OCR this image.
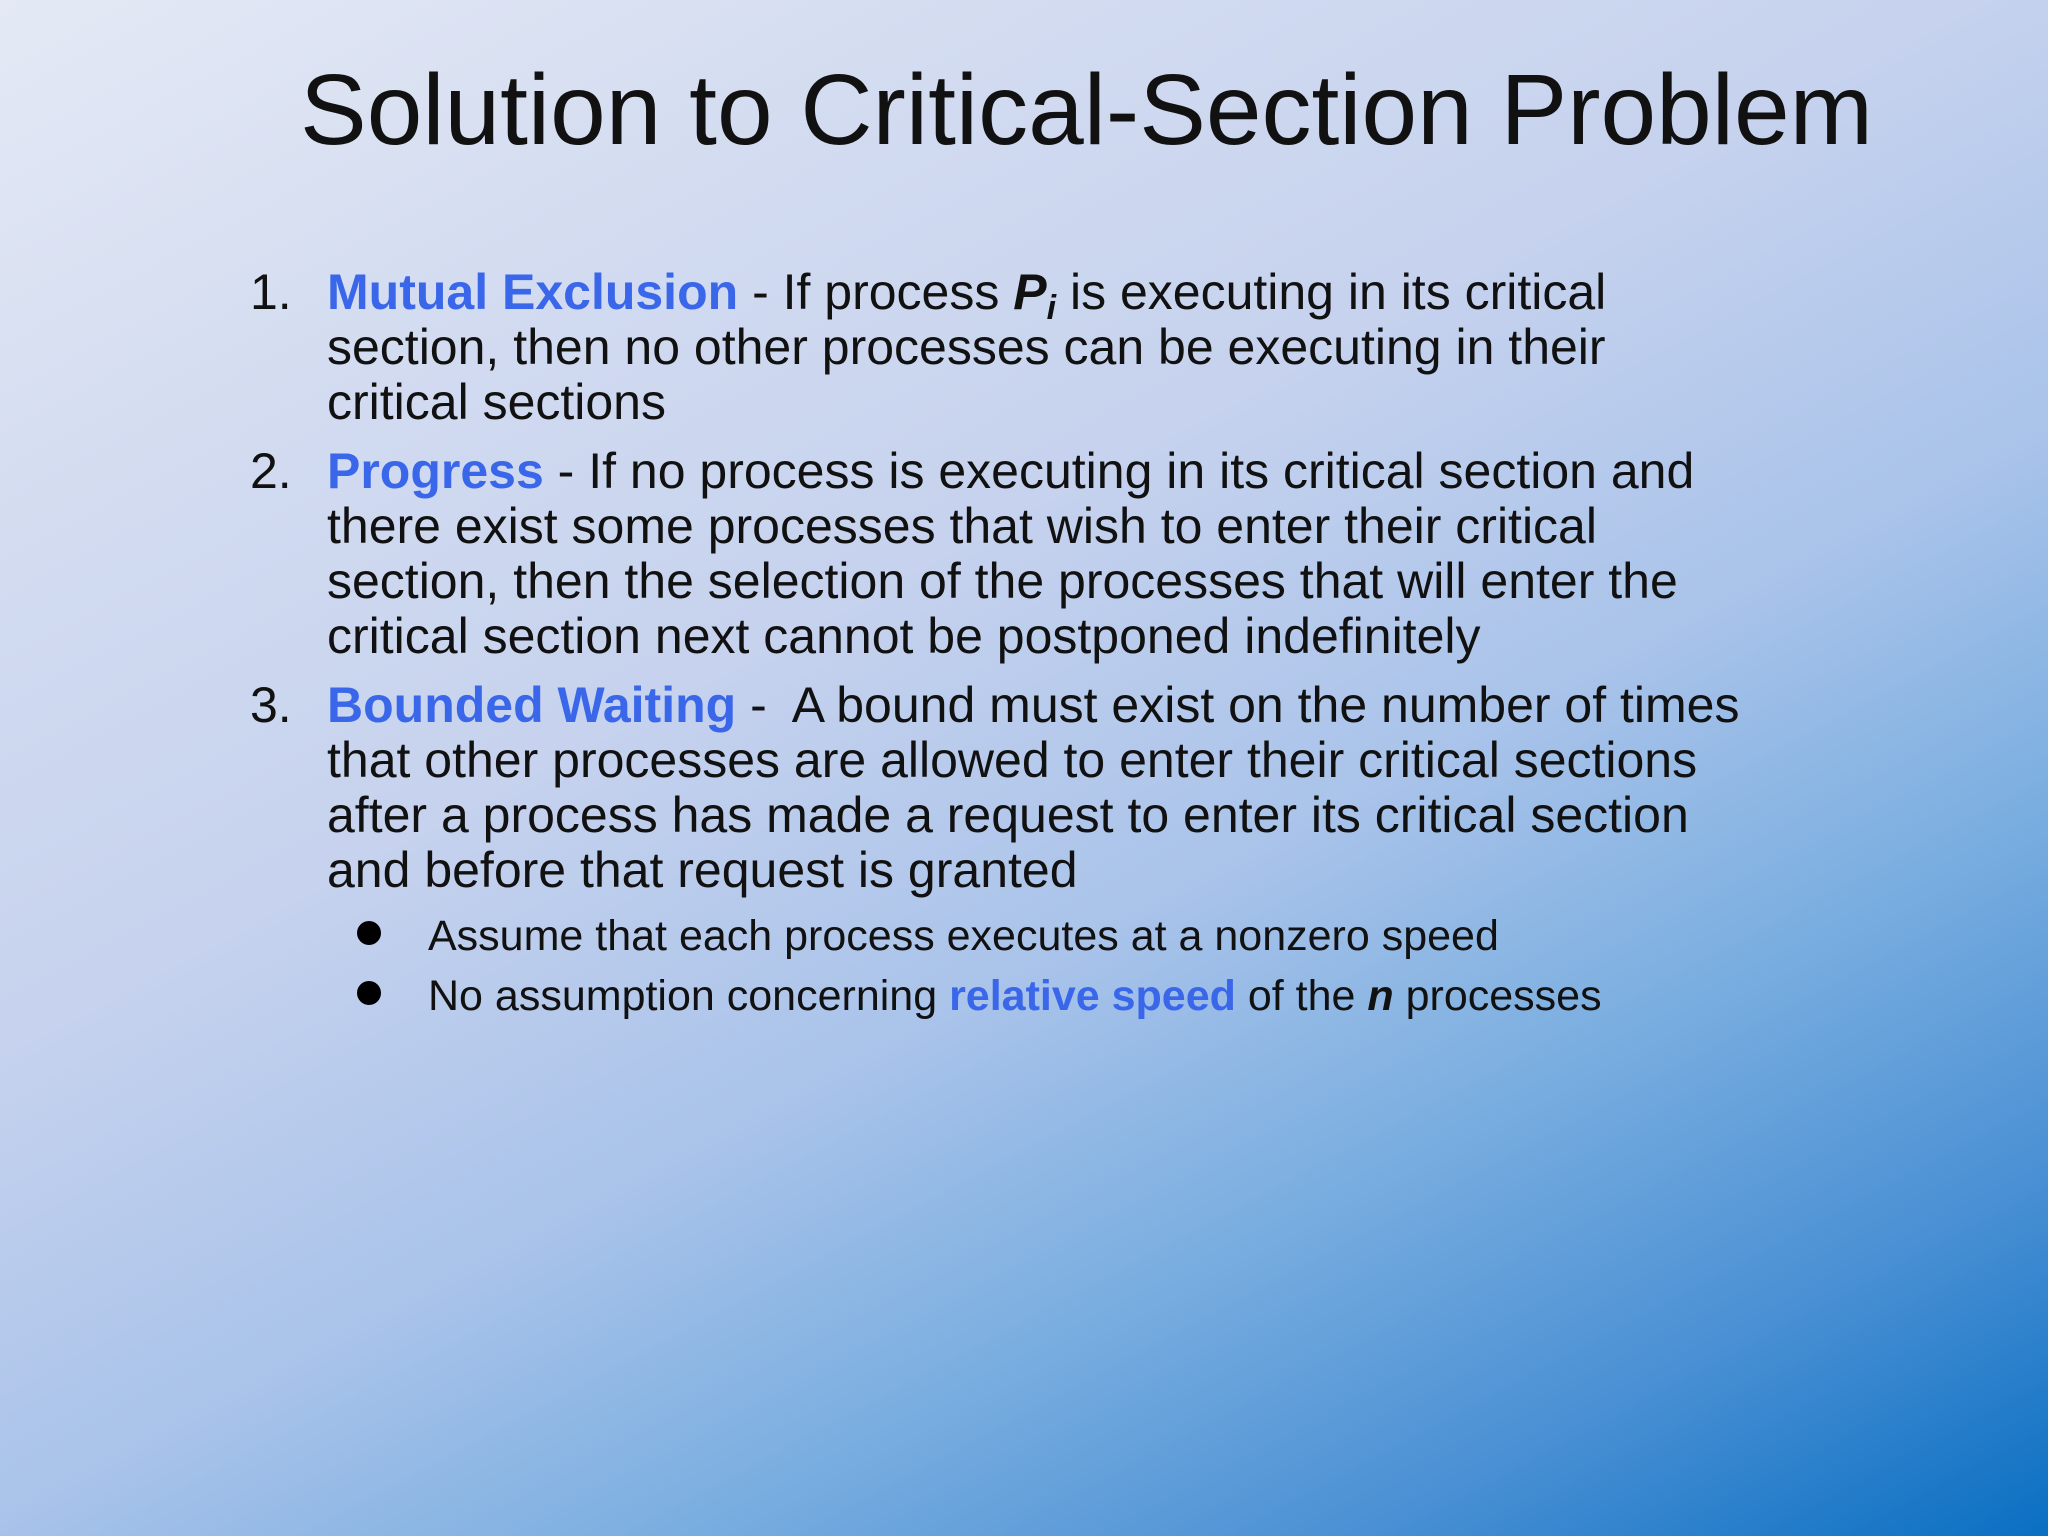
Solution to Critical-Section Problem
1. Mutual Exclusion - If process $P_i$ is executing in its critical section, then no other processes can be executing in their critical sections
2. Progress - If no process is executing in its critical section and there exist some processes that wish to enter their critical section, then the selection of the processes that will enter the critical section next cannot be postponed indefinitely
3. Bounded Waiting -  A bound must exist on the number of times that other processes are allowed to enter their critical sections after a process has made a request to enter its critical section and before that request is granted
Assume that each process executes at a nonzero speed
No assumption concerning relative speed of the n processes
